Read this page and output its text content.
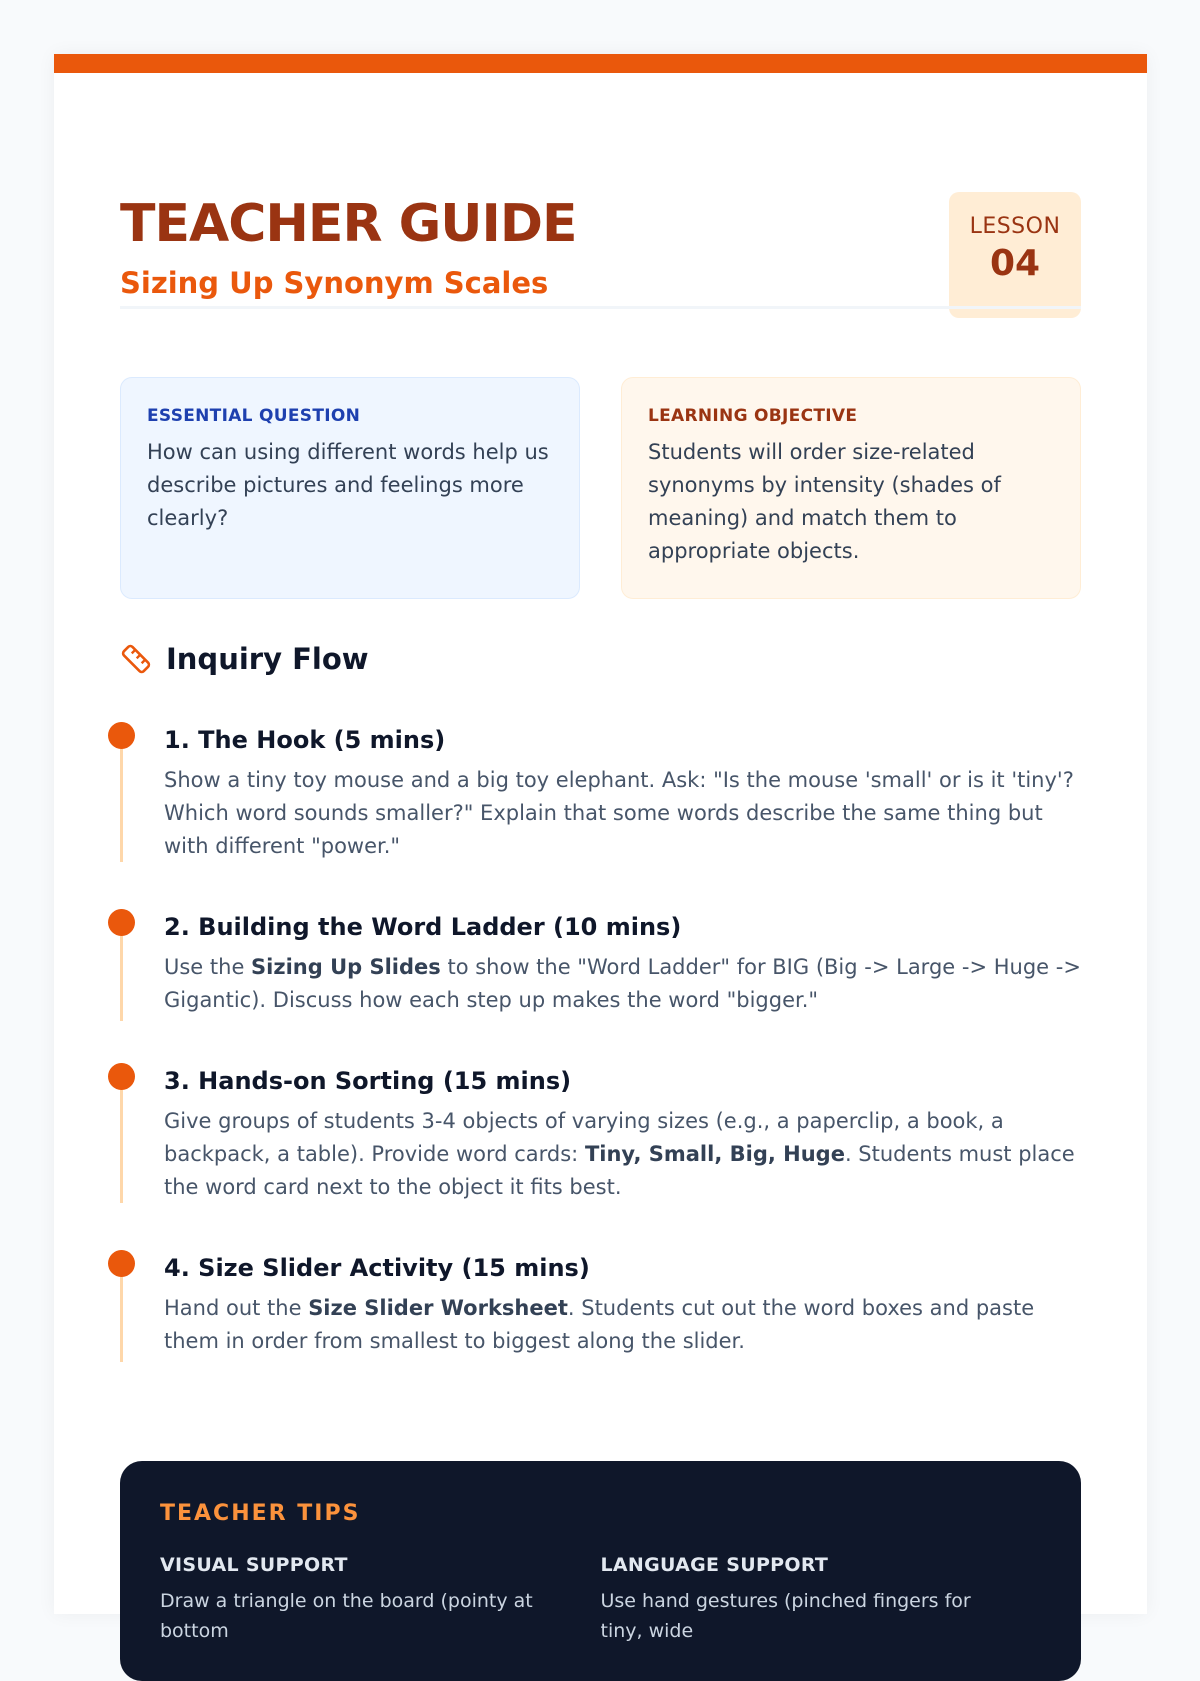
TEACHER GUIDE
Sizing Up Synonym Scales
LESSON
04

ESSENTIAL QUESTION

How can using different words help us describe pictures and feelings more clearly?

LEARNING OBJECTIVE

Students will order size-related synonyms by intensity (shades of meaning) and match them to appropriate objects.

Inquiry Flow

1. The Hook (5 mins)

Show a tiny toy mouse and a big toy elephant. Ask: "Is the mouse 'small' or is it 'tiny'? Which word sounds smaller?" Explain that some words describe the same thing but with different "power."

2. Building the Word Ladder (10 mins)

Use the Sizing Up Slides to show the "Word Ladder" for BIG (Big -> Large -> Huge -> Gigantic). Discuss how each step up makes the word "bigger."

3. Hands-on Sorting (15 mins)

Give groups of students 3-4 objects of varying sizes (e.g., a paperclip, a book, a backpack, a table). Provide word cards: Tiny, Small, Big, Huge. Students must place the word card next to the object it fits best.

4. Size Slider Activity (15 mins)

Hand out the Size Slider Worksheet. Students cut out the word boxes and paste them in order from smallest to biggest along the slider.

TEACHER TIPS

VISUAL SUPPORT

Draw a triangle on the board (pointy at bottom

LANGUAGE SUPPORT

Use hand gestures (pinched fingers for tiny, wide
